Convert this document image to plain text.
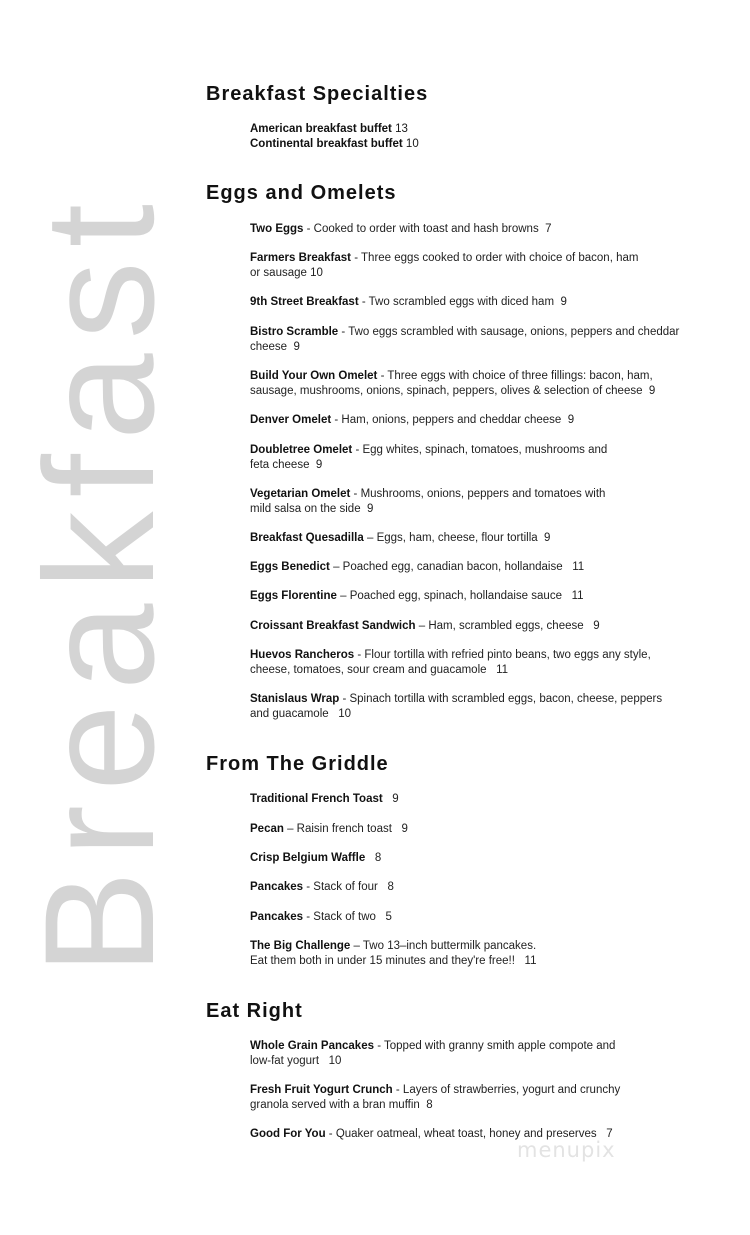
Breakfast
Breakfast Specialties
American breakfast buffet 13
Continental breakfast buffet 10
Eggs and Omelets
Two Eggs - Cooked to order with toast and hash browns 7
Farmers Breakfast - Three eggs cooked to order with choice of bacon, ham
or sausage 10
9th Street Breakfast - Two scrambled eggs with diced ham 9
Bistro Scramble - Two eggs scrambled with sausage, onions, peppers and cheddar
cheese 9
Build Your Own Omelet - Three eggs with choice of three fillings: bacon, ham,
sausage, mushrooms, onions, spinach, peppers, olives & selection of cheese 9
Denver Omelet - Ham, onions, peppers and cheddar cheese 9
Doubletree Omelet - Egg whites, spinach, tomatoes, mushrooms and
feta cheese 9
Vegetarian Omelet - Mushrooms, onions, peppers and tomatoes with
mild salsa on the side 9
Breakfast Quesadilla – Eggs, ham, cheese, flour tortilla 9
Eggs Benedict – Poached egg, canadian bacon, hollandaise 11
Eggs Florentine – Poached egg, spinach, hollandaise sauce 11
Croissant Breakfast Sandwich – Ham, scrambled eggs, cheese 9
Huevos Rancheros - Flour tortilla with refried pinto beans, two eggs any style,
cheese, tomatoes, sour cream and guacamole 11
Stanislaus Wrap - Spinach tortilla with scrambled eggs, bacon, cheese, peppers
and guacamole 10
From The Griddle
Traditional French Toast 9
Pecan – Raisin french toast 9
Crisp Belgium Waffle 8
Pancakes - Stack of four 8
Pancakes - Stack of two 5
The Big Challenge – Two 13–inch buttermilk pancakes.
Eat them both in under 15 minutes and they're free!! 11
Eat Right
Whole Grain Pancakes - Topped with granny smith apple compote and
low-fat yogurt 10
Fresh Fruit Yogurt Crunch - Layers of strawberries, yogurt and crunchy
granola served with a bran muffin 8
Good For You - Quaker oatmeal, wheat toast, honey and preserves 7
menupix
